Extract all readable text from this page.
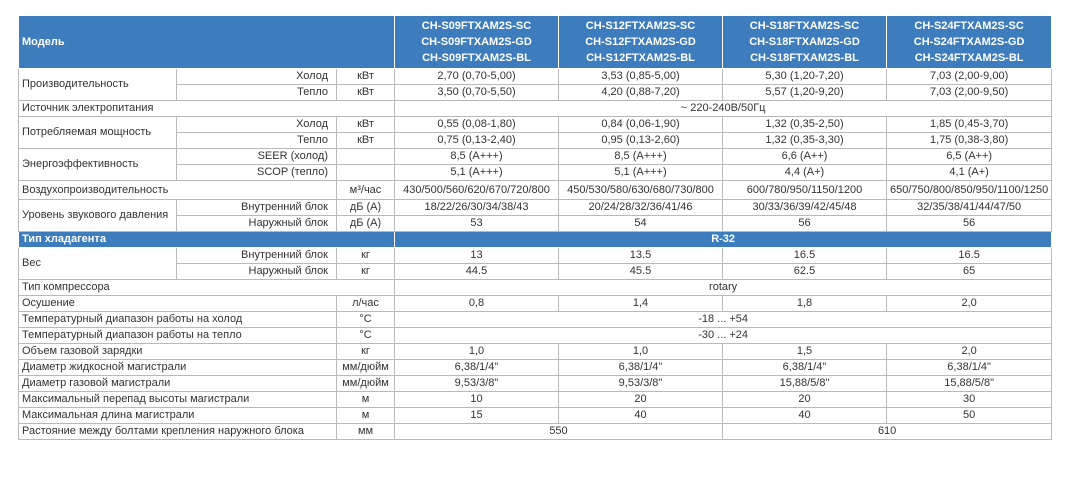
Модель			CH-S09FTXAM2S-SC
CH-S09FTXAM2S-GD
CH-S09FTXAM2S-BL	CH-S12FTXAM2S-SC
CH-S12FTXAM2S-GD
CH-S12FTXAM2S-BL	CH-S18FTXAM2S-SC
CH-S18FTXAM2S-GD
CH-S18FTXAM2S-BL	CH-S24FTXAM2S-SC
CH-S24FTXAM2S-GD
CH-S24FTXAM2S-BL

Производительность	Холод	кВт	2,70 (0,70-5,00)	3,53 (0,85-5,00)	5,30 (1,20-7,20)	7,03 (2,00-9,00)
	Тепло	кВт	3,50 (0,70-5,50)	4,20 (0,88-7,20)	5,57 (1,20-9,20)	7,03 (2,00-9,50)
Источник электропитания			~ 220-240В/50Гц			
Потребляемая мощность	Холод	кВт	0,55 (0,08-1,80)	0,84 (0,06-1,90)	1,32 (0,35-2,50)	1,85 (0,45-3,70)
	Тепло	кВт	0,75 (0,13-2,40)	0,95 (0,13-2,60)	1,32 (0,35-3,30)	1,75 (0,38-3,80)
Энергоэффективность	SEER (холод)		8,5 (A+++)	8,5 (A+++)	6,6 (A++)	6,5 (A++)
	SCOP (тепло)		5,1 (A+++)	5,1 (A+++)	4,4 (A+)	4,1 (A+)
Воздухопроизводительность		м³/час	430/500/560/620/670/720/800	450/530/580/630/680/730/800	600/780/950/1150/1200	650/750/800/850/950/1100/1250
Уровень звукового давления	Внутренний блок	дБ (А)	18/22/26/30/34/38/43	20/24/28/32/36/41/46	30/33/36/39/42/45/48	32/35/38/41/44/47/50
	Наружный блок	дБ (А)	53	54	56	56
Тип хладагента			R-32			
Вес	Внутренний блок	кг	13	13.5	16.5	16.5
	Наружный блок	кг	44.5	45.5	62.5	65
Тип компрессора			rotary			
Осушение		л/час	0,8	1,4	1,8	2,0
Температурный диапазон работы на холод		°С	-18 ... +54			
Температурный диапазон работы на тепло		°С	-30 ... +24			
Объем газовой зарядки		кг	1,0	1,0	1,5	2,0
Диаметр жидкосной магистрали		мм/дюйм	6,38/1/4"	6,38/1/4"	6,38/1/4"	6,38/1/4"
Диаметр газовой магистрали		мм/дюйм	9,53/3/8"	9,53/3/8"	15,88/5/8"	15,88/5/8"
Максимальный перепад высоты магистрали		м	10	20	20	30
Максимальная длина магистрали		м	15	40	40	50
Растояние между болтами крепления наружного блока		мм	550		610	
